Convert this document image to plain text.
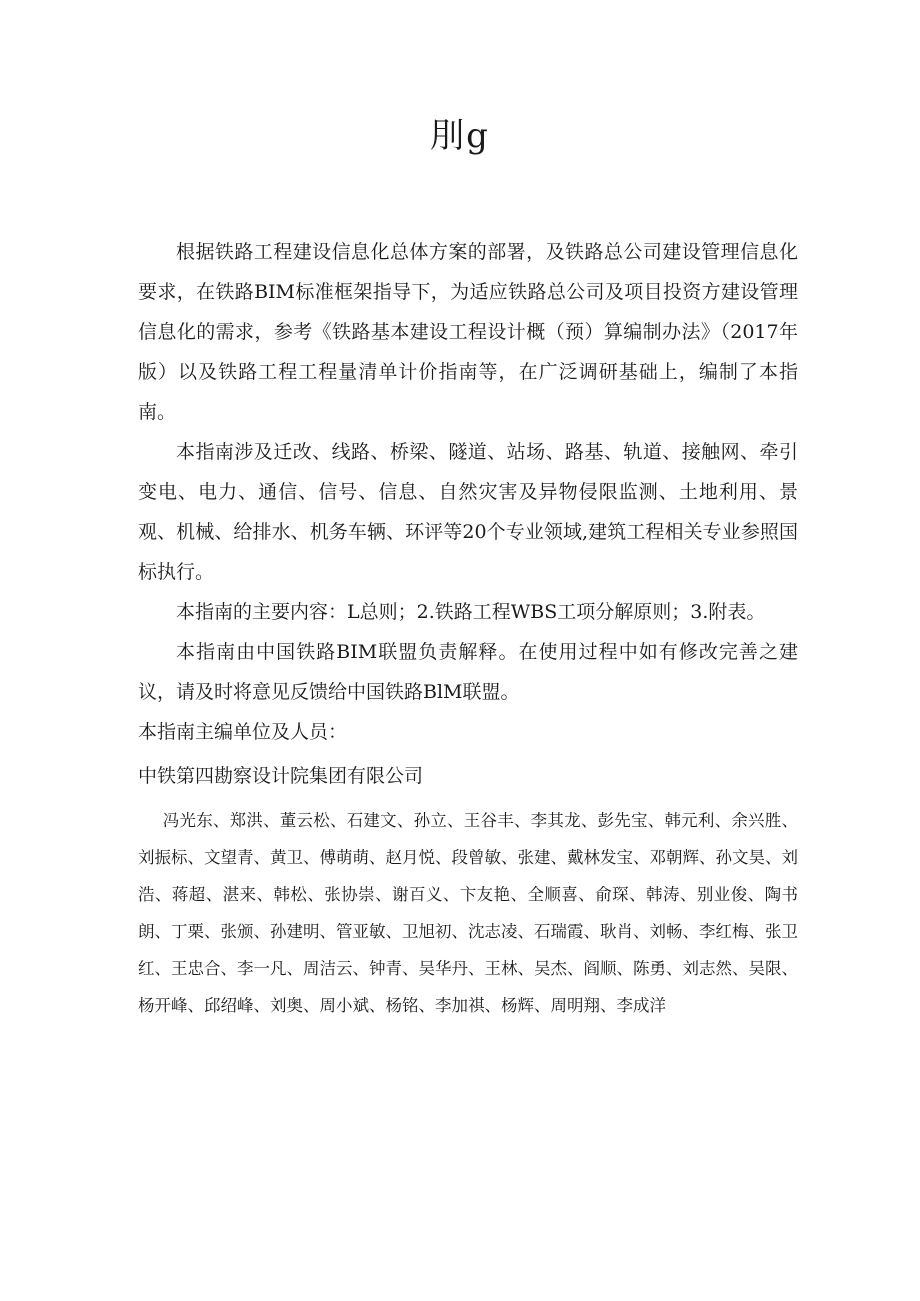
刖g

根据铁路工程建设信息化总体方案的部署，及铁路总公司建设管理信息化要求，在铁路BIM标准框架指导下，为适应铁路总公司及项目投资方建设管理信息化的需求，参考《铁路基本建设工程设计概（预）算编制办法》（2017年版）以及铁路工程工程量清单计价指南等，在广泛调研基础上，编制了本指南。

本指南涉及迁改、线路、桥梁、隧道、站场、路基、轨道、接触网、牵引变电、电力、通信、信号、信息、自然灾害及异物侵限监测、土地利用、景观、机械、给排水、机务车辆、环评等20个专业领域,建筑工程相关专业参照国标执行。

本指南的主要内容：L总则；2.铁路工程WBS工项分解原则；3.附表。

本指南由中国铁路BIM联盟负责解释。在使用过程中如有修改完善之建议，请及时将意见反馈给中国铁路BlM联盟。

本指南主编单位及人员：

中铁第四勘察设计院集团有限公司

冯光东、郑洪、董云松、石建文、孙立、王谷丰、李其龙、彭先宝、韩元利、余兴胜、刘振标、文望青、黄卫、傅萌萌、赵月悦、段曾敏、张建、戴林发宝、邓朝辉、孙文昊、刘浩、蒋超、湛来、韩松、张协崇、谢百义、卞友艳、全顺喜、俞琛、韩涛、别业俊、陶书朗、丁栗、张颁、孙建明、管亚敏、卫旭初、沈志凌、石瑞霞、耿肖、刘畅、李红梅、张卫红、王忠合、李一凡、周洁云、钟青、吴华丹、王林、吴杰、阎顺、陈勇、刘志然、吴限、杨开峰、邱绍峰、刘奥、周小斌、杨铭、李加祺、杨辉、周明翔、李成洋
